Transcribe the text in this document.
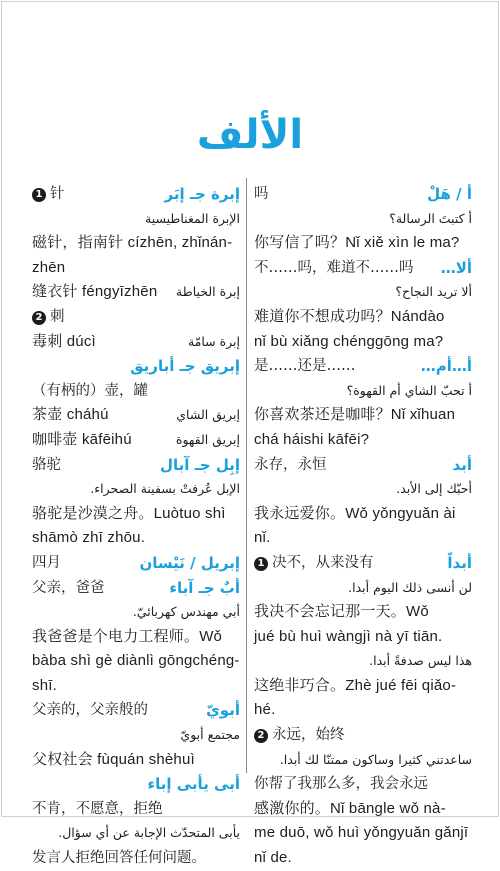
الألف
1 针	إبرة جـ إبَر
الإبرة المغناطيسية
磁针，指南针 cízhēn, zhǐnán-
zhēn
缝衣针 féngyīzhēn إبرة الخياطة
2 刺
毒刺 dúcì	إبرة سامّة
إبريق جـ أباريق
（有柄的）壶，罐
茶壶 cháhú	إبريق الشاي
咖啡壶 kāfēihú	إبريق القهوة
骆驼	إبِل جـ آبال
الإبل عُرفتْ بسفينة الصحراء.
骆驼是沙漠之舟。Luòtuo shì
shāmò zhī zhōu.
四月	إبريل / نَيْسان
父亲，爸爸	أبٌ جـ آباء
أبي مهندس كهربائيّ.
我爸爸是个电力工程师。Wǒ
bàba shì gè diànlì gōngchéng-
shī.
父亲的，父亲般的	أبويّ
مجتمع أبويّ
父权社会 fùquán shèhuì
أبى يأبى إباء
不肯，不愿意，拒绝
يأبى المتحدّث الإجابة عن أي سؤال.
发言人拒绝回答任何问题。
吗	أ / هَلْ
أ كتبتَ الرسالة؟
你写信了吗？Nǐ xiě xìn le ma?
不……吗，难道不……吗 ألا…
ألا تريد النجاح؟
难道你不想成功吗？Nándào
nǐ bù xiǎng chénggōng ma?
是……还是……	أ…أم…
أ تحبّ الشاي أم القهوة؟
你喜欢茶还是咖啡？Nǐ xǐhuan
chá háishi kāfēi?
永存，永恒	أبد
أحبّك إلى الأبد.
我永远爱你。Wǒ yǒngyuǎn ài
nǐ.
1 决不，从来没有	أبداً
لن أنسى ذلك اليوم أبدا.
我决不会忘记那一天。Wǒ
jué bù huì wàngjì nà yī tiān.
هذا ليس صدفةً أبدا.
这绝非巧合。Zhè jué fēi qiǎo-
hé.
2 永远，始终
ساعدتني كثيرا وساكون ممتنّا لك أبدا.
你帮了我那么多，我会永远
感激你的。Nǐ bāngle wǒ nà-
me duō, wǒ huì yǒngyuǎn gǎnjī
nǐ de.
